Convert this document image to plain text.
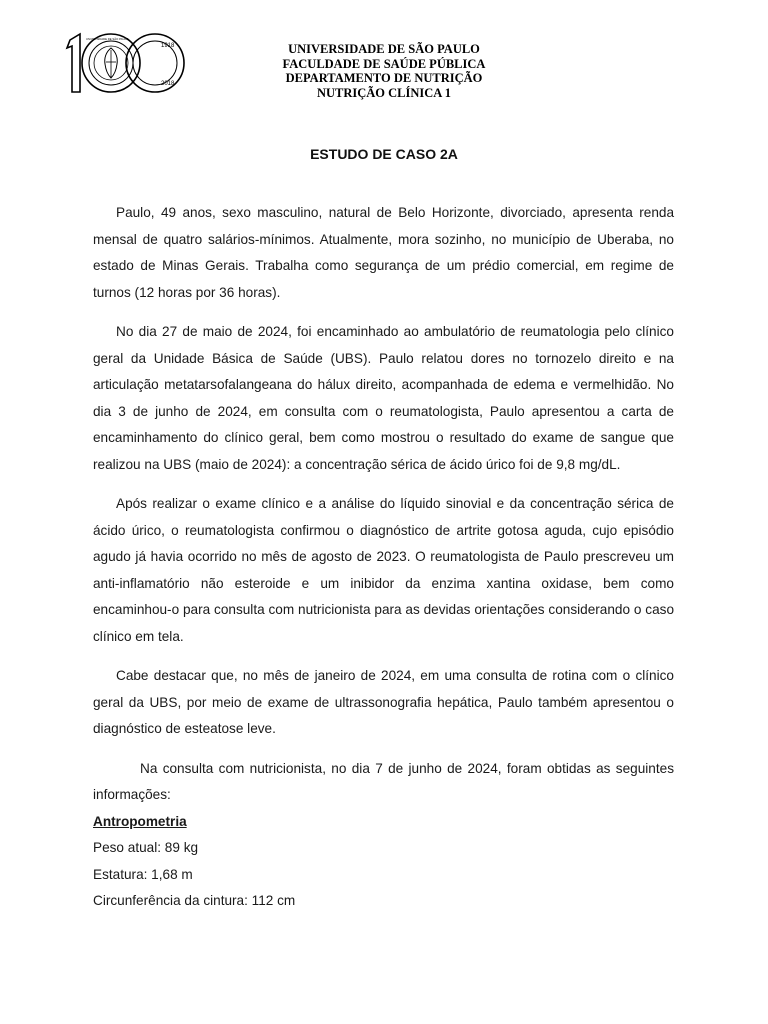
1918
2018
UNIVERSIDADE DE SÃO PAULO
UNIVERSIDADE DE SÃO PAULO
FACULDADE DE SAÚDE PÚBLICA
DEPARTAMENTO DE NUTRIÇÃO
NUTRIÇÃO CLÍNICA 1
ESTUDO DE CASO 2A

Paulo, 49 anos, sexo masculino, natural de Belo Horizonte, divorciado, apresenta renda mensal de quatro salários-mínimos. Atualmente, mora sozinho, no município de Uberaba, no estado de Minas Gerais. Trabalha como segurança de um prédio comercial, em regime de turnos (12 horas por 36 horas).

No dia 27 de maio de 2024, foi encaminhado ao ambulatório de reumatologia pelo clínico geral da Unidade Básica de Saúde (UBS). Paulo relatou dores no tornozelo direito e na articulação metatarsofalangeana do hálux direito, acompanhada de edema e vermelhidão. No dia 3 de junho de 2024, em consulta com o reumatologista, Paulo apresentou a carta de encaminhamento do clínico geral, bem como mostrou o resultado do exame de sangue que realizou na UBS (maio de 2024): a concentração sérica de ácido úrico foi de 9,8 mg/dL.

Após realizar o exame clínico e a análise do líquido sinovial e da concentração sérica de ácido úrico, o reumatologista confirmou o diagnóstico de artrite gotosa aguda, cujo episódio agudo já havia ocorrido no mês de agosto de 2023. O reumatologista de Paulo prescreveu um anti-inflamatório não esteroide e um inibidor da enzima xantina oxidase, bem como encaminhou-o para consulta com nutricionista para as devidas orientações considerando o caso clínico em tela.

Cabe destacar que, no mês de janeiro de 2024, em uma consulta de rotina com o clínico geral da UBS, por meio de exame de ultrassonografia hepática, Paulo também apresentou o diagnóstico de esteatose leve.

Na consulta com nutricionista, no dia 7 de junho de 2024, foram obtidas as seguintes informações:

Antropometria

Peso atual: 89 kg

Estatura: 1,68 m

Circunferência da cintura: 112 cm
